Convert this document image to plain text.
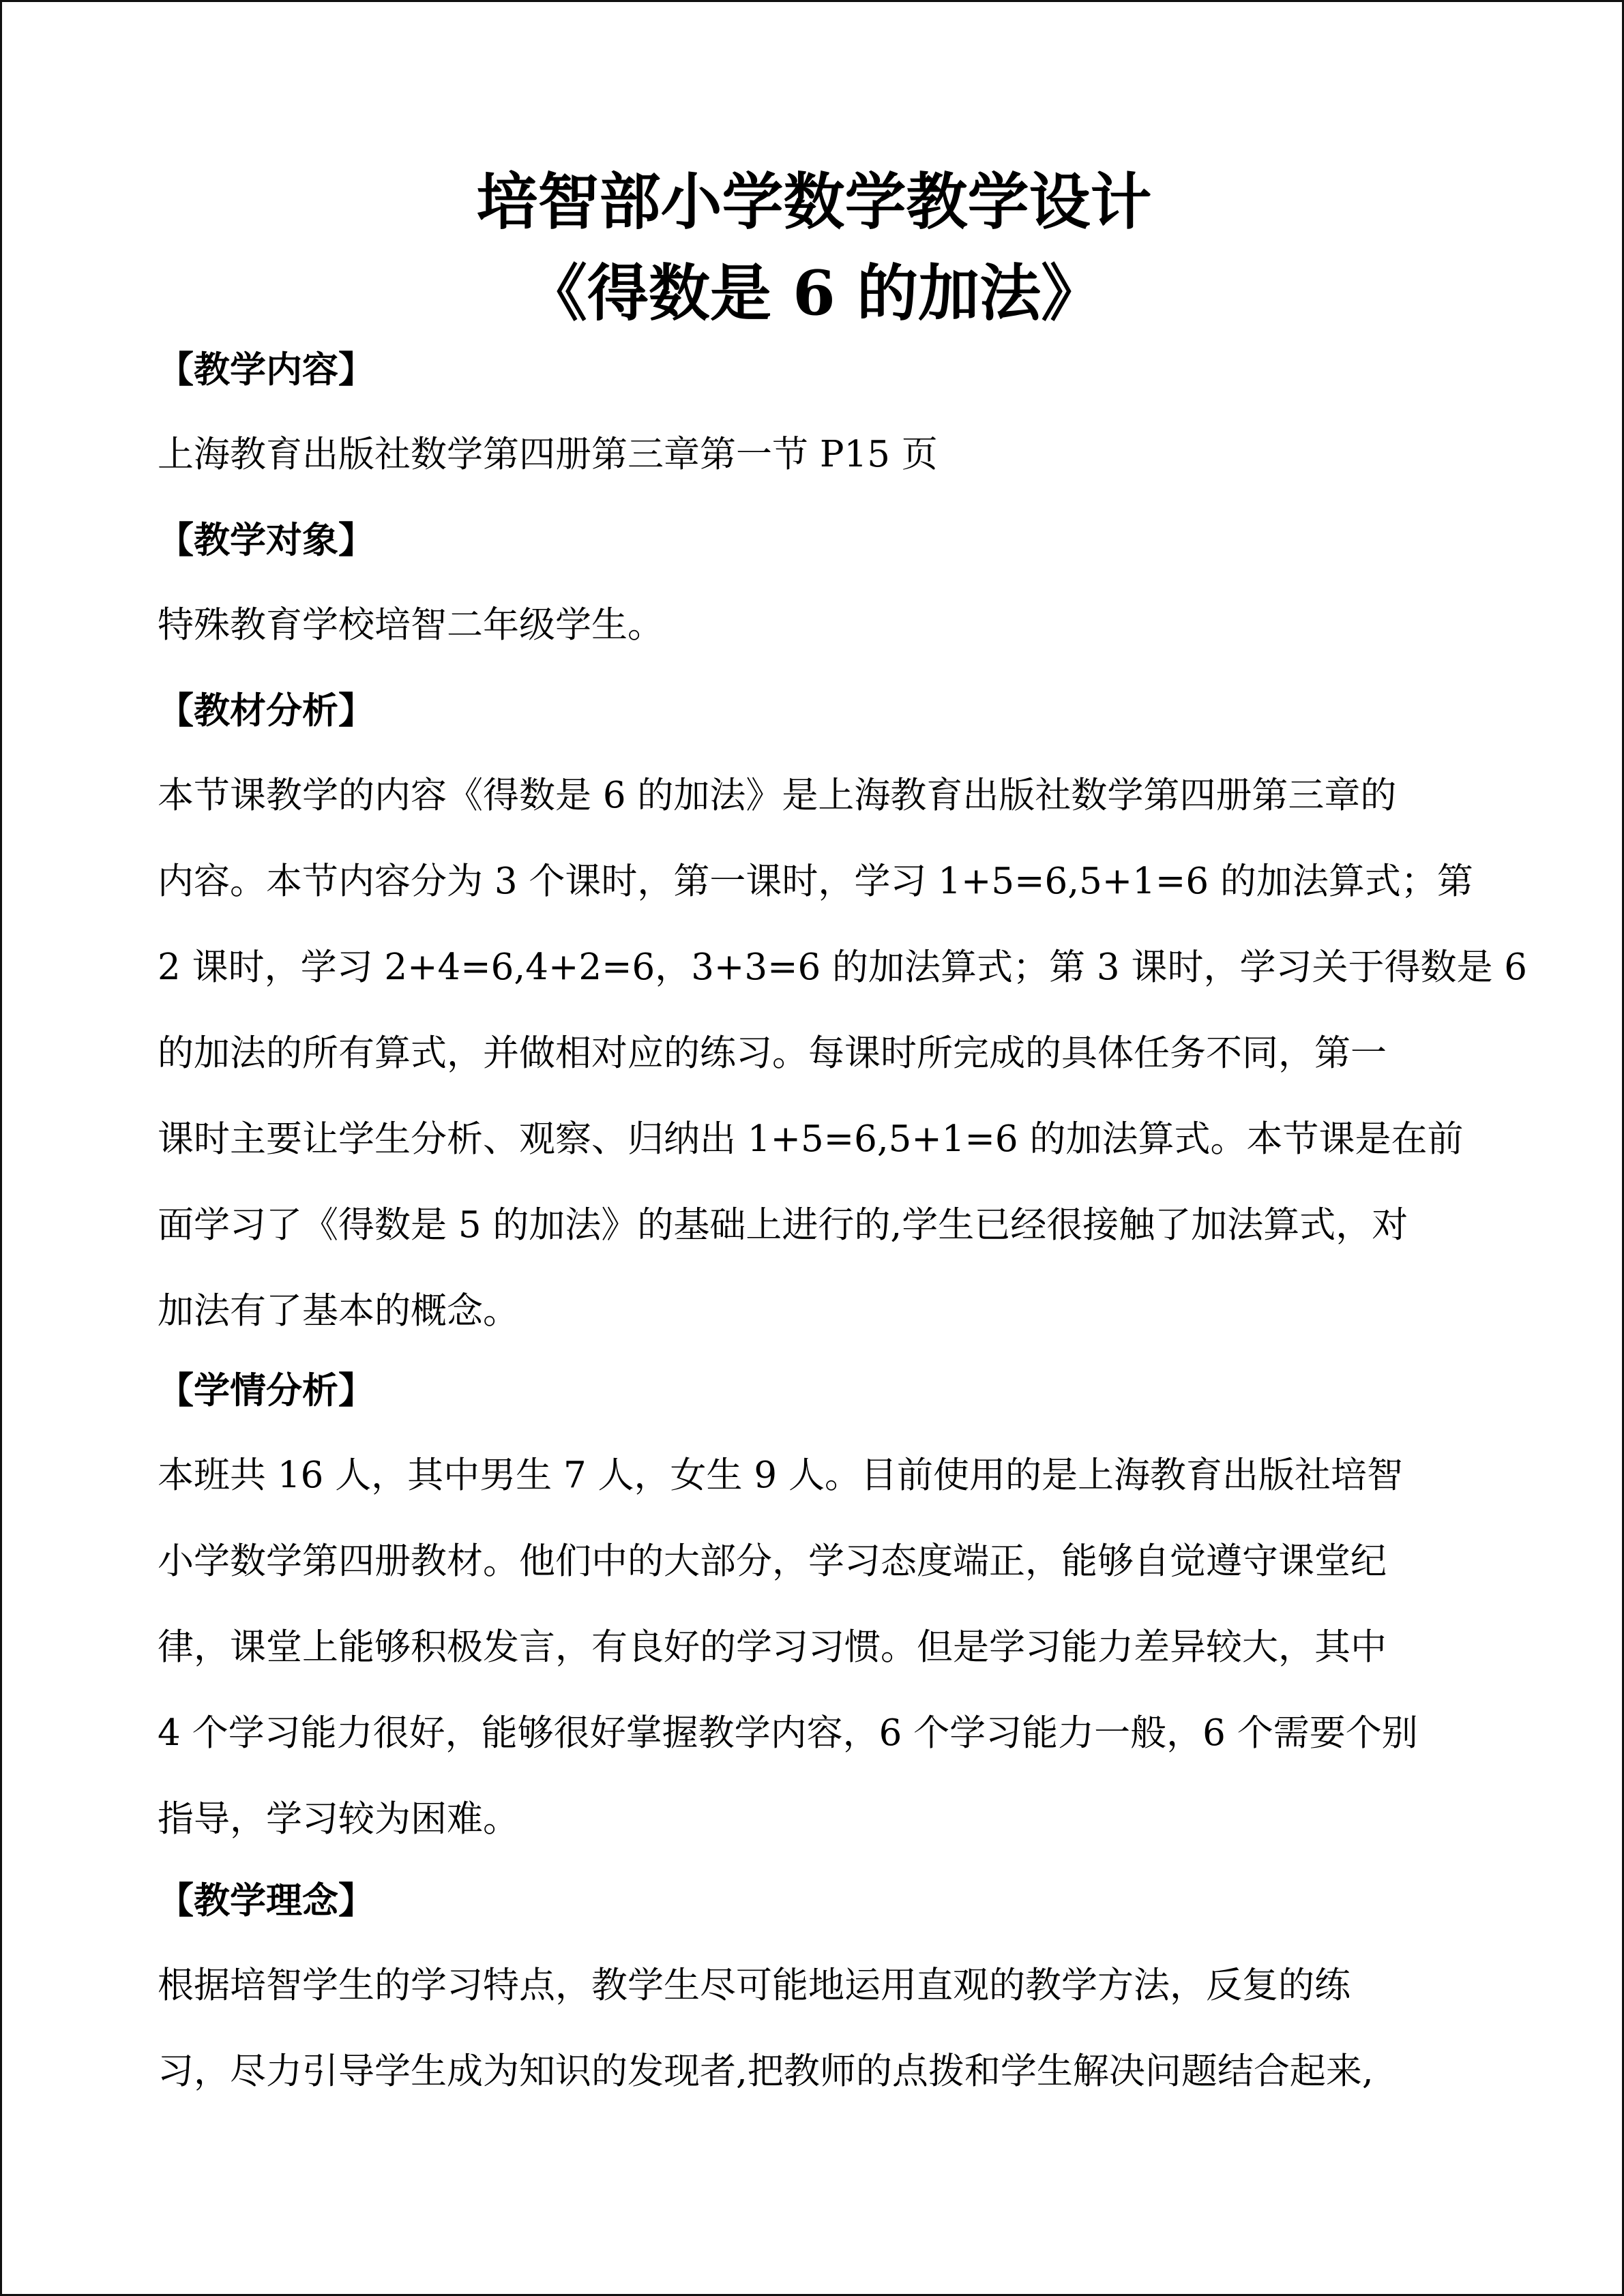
培智部小学数学教学设计
《得数是 6 的加法》
【教学内容】
上海教育出版社数学第四册第三章第一节 P15 页
【教学对象】
特殊教育学校培智二年级学生。
【教材分析】
本节课教学的内容《得数是 6 的加法》是上海教育出版社数学第四册第三章的
内容。本节内容分为 3 个课时，第一课时，学习 1+5=6,5+1=6 的加法算式；第
2 课时，学习 2+4=6,4+2=6，3+3=6 的加法算式；第 3 课时，学习关于得数是 6
的加法的所有算式，并做相对应的练习。每课时所完成的具体任务不同，第一
课时主要让学生分析、观察、归纳出 1+5=6,5+1=6 的加法算式。本节课是在前
面学习了《得数是 5 的加法》的基础上进行的,学生已经很接触了加法算式，对
加法有了基本的概念。
【学情分析】
本班共 16 人，其中男生 7 人，女生 9 人。目前使用的是上海教育出版社培智
小学数学第四册教材。他们中的大部分，学习态度端正，能够自觉遵守课堂纪
律，课堂上能够积极发言，有良好的学习习惯。但是学习能力差异较大，其中
4 个学习能力很好，能够很好掌握教学内容，6 个学习能力一般，6 个需要个别
指导，学习较为困难。
【教学理念】
根据培智学生的学习特点，教学生尽可能地运用直观的教学方法，反复的练
习，尽力引导学生成为知识的发现者,把教师的点拨和学生解决问题结合起来,
